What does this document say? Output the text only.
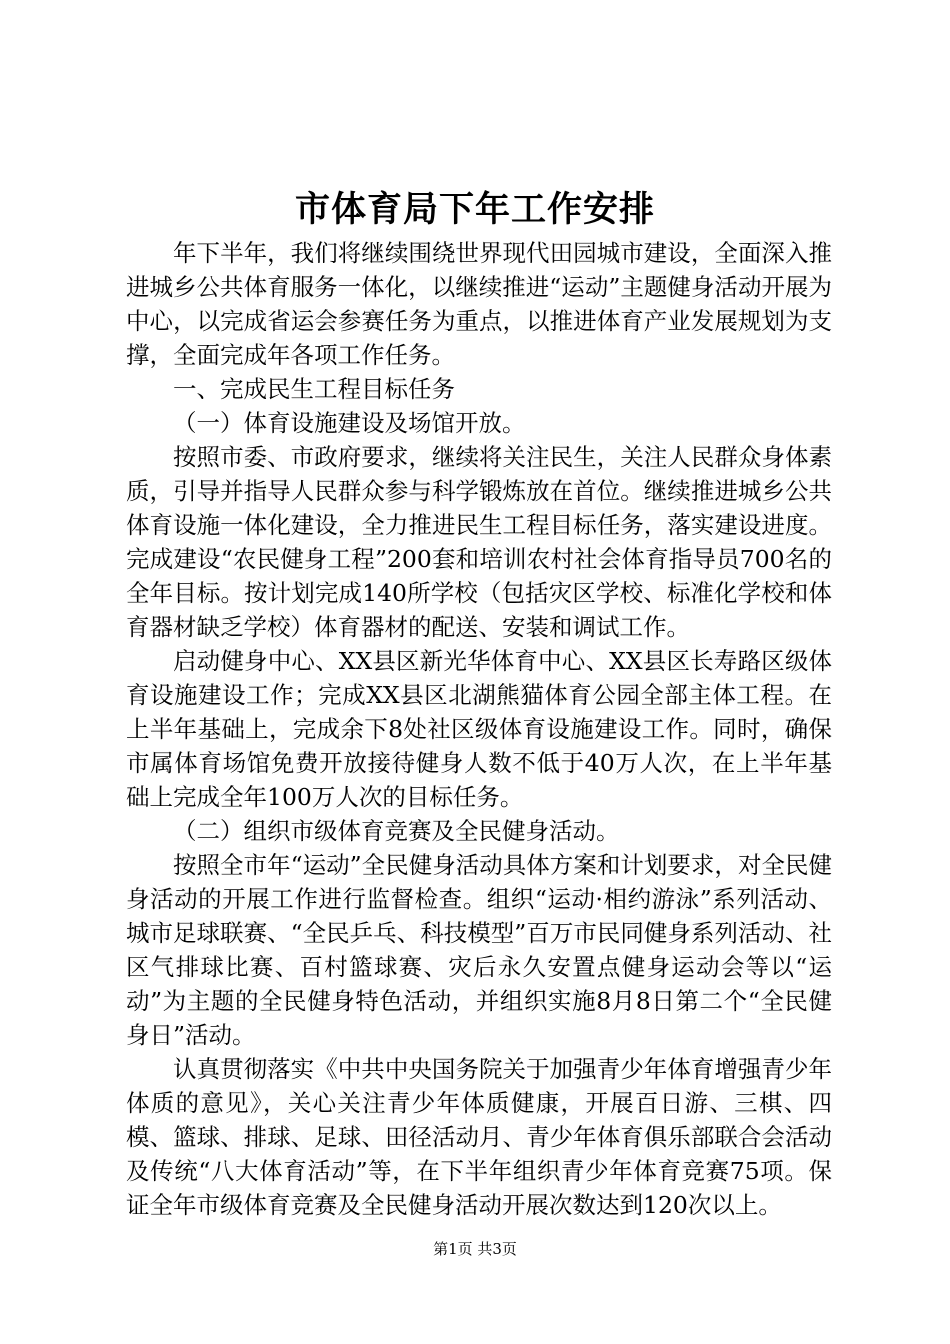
市体育局下年工作安排

年下半年，我们将继续围绕世界现代田园城市建设，全面深入推进城乡公共体育服务一体化，以继续推进“运动”主题健身活动开展为中心，以完成省运会参赛任务为重点，以推进体育产业发展规划为支撑，全面完成年各项工作任务。

一、完成民生工程目标任务

（一）体育设施建设及场馆开放。

按照市委、市政府要求，继续将关注民生，关注人民群众身体素质，引导并指导人民群众参与科学锻炼放在首位。继续推进城乡公共体育设施一体化建设，全力推进民生工程目标任务，落实建设进度。完成建设“农民健身工程”200套和培训农村社会体育指导员700名的全年目标。按计划完成140所学校（包括灾区学校、标准化学校和体育器材缺乏学校）体育器材的配送、安装和调试工作。

启动健身中心、XX县区新光华体育中心、XX县区长寿路区级体育设施建设工作；完成XX县区北湖熊猫体育公园全部主体工程。在上半年基础上，完成余下8处社区级体育设施建设工作。同时，确保市属体育场馆免费开放接待健身人数不低于40万人次，在上半年基础上完成全年100万人次的目标任务。

（二）组织市级体育竞赛及全民健身活动。

按照全市年“运动”全民健身活动具体方案和计划要求，对全民健身活动的开展工作进行监督检查。组织“运动·相约游泳”系列活动、城市足球联赛、“全民乒乓、科技模型”百万市民同健身系列活动、社区气排球比赛、百村篮球赛、灾后永久安置点健身运动会等以“运动”为主题的全民健身特色活动，并组织实施8月8日第二个“全民健身日”活动。

认真贯彻落实《中共中央国务院关于加强青少年体育增强青少年体质的意见》，关心关注青少年体质健康，开展百日游、三棋、四模、篮球、排球、足球、田径活动月、青少年体育俱乐部联合会活动及传统“八大体育活动”等，在下半年组织青少年体育竞赛75项。保证全年市级体育竞赛及全民健身活动开展次数达到120次以上。

第1页 共3页
